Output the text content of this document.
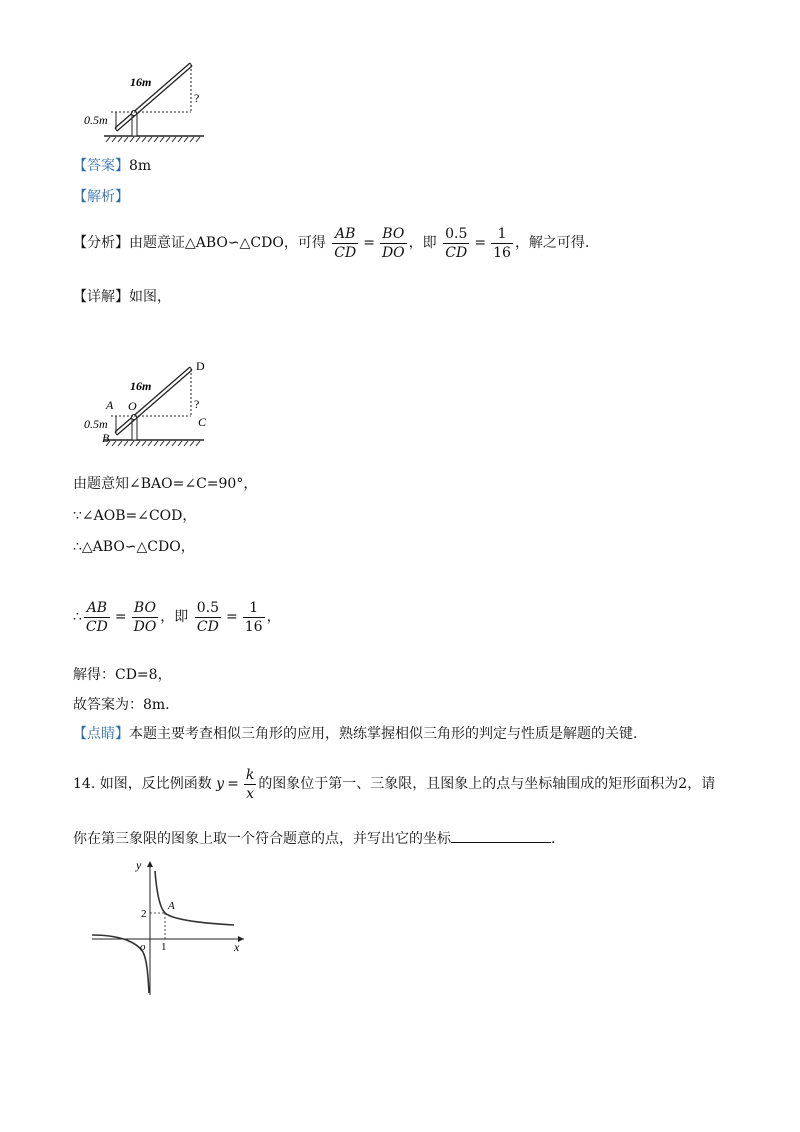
16m
?
0.5m
【答案】8m
【解析】
【分析】由题意证△ABO∽△CDO，可得 $\frac{AB}{CD} = \frac{BO}{DO}$ ，即 $\frac{0.5}{CD} = \frac{1}{16}$ ，解之可得.
【详解】如图，
D
16m
A O	?
C
0.5m
B
由题意知∠BAO=∠C=90°，
∵∠AOB=∠COD，
∴△ABO∽△CDO，
∴ $\frac{AB}{CD} = \frac{BO}{DO}$ ，即 $\frac{0.5}{CD} = \frac{1}{16}$ ，
解得：CD=8，
故答案为：8m.
【点睛】本题主要考查相似三角形的应用，熟练掌握相似三角形的判定与性质是解题的关键.
14. 如图，反比例函数 $y = \frac{k}{x}$ 的图象位于第一、三象限，且图象上的点与坐标轴围成的矩形面积为2，请
你在第三象限的图象上取一个符合题意的点，并写出它的坐标	.
y
x
A
2
1
o
